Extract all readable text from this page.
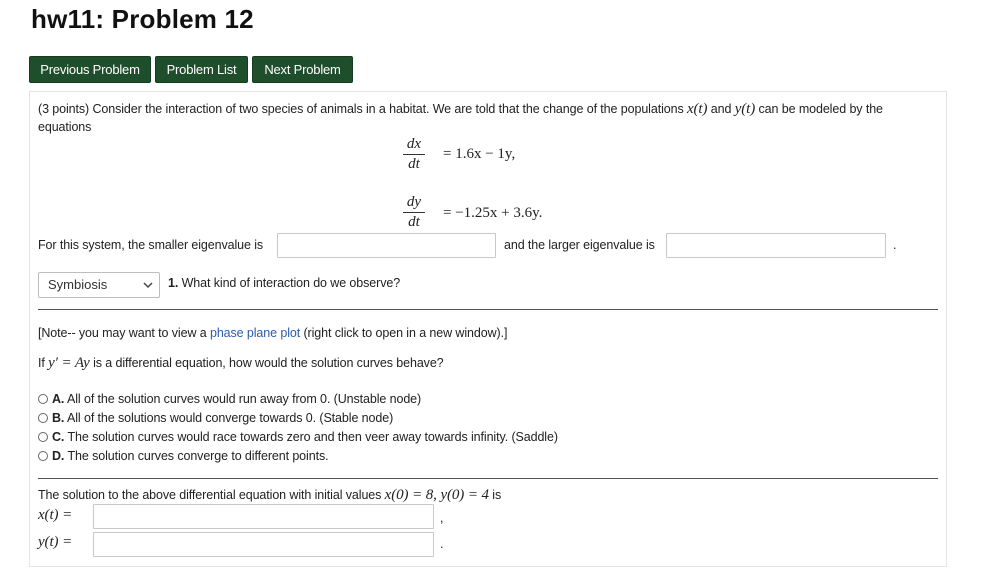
hw11: Problem 12
Previous Problem	Problem List	Next Problem
(3 points) Consider the interaction of two species of animals in a habitat. We are told that the change of the populations x(t) and y(t) can be modeled by the
equations
dx
dt
= 1.6x − 1y,
dy
dt
= −1.25x + 3.6y.
For this system, the smaller eigenvalue is	and the larger eigenvalue is	.
Symbiosis	1. What kind of interaction do we observe?
[Note-- you may want to view a phase plane plot (right click to open in a new window).]
If y′ = Ay is a differential equation, how would the solution curves behave?
A. All of the solution curves would run away from 0. (Unstable node)
B. All of the solutions would converge towards 0. (Stable node)
C. The solution curves would race towards zero and then veer away towards infinity. (Saddle)
D. The solution curves converge to different points.
The solution to the above differential equation with initial values x(0) = 8, y(0) = 4 is
x(t) =	,
y(t) =	.
